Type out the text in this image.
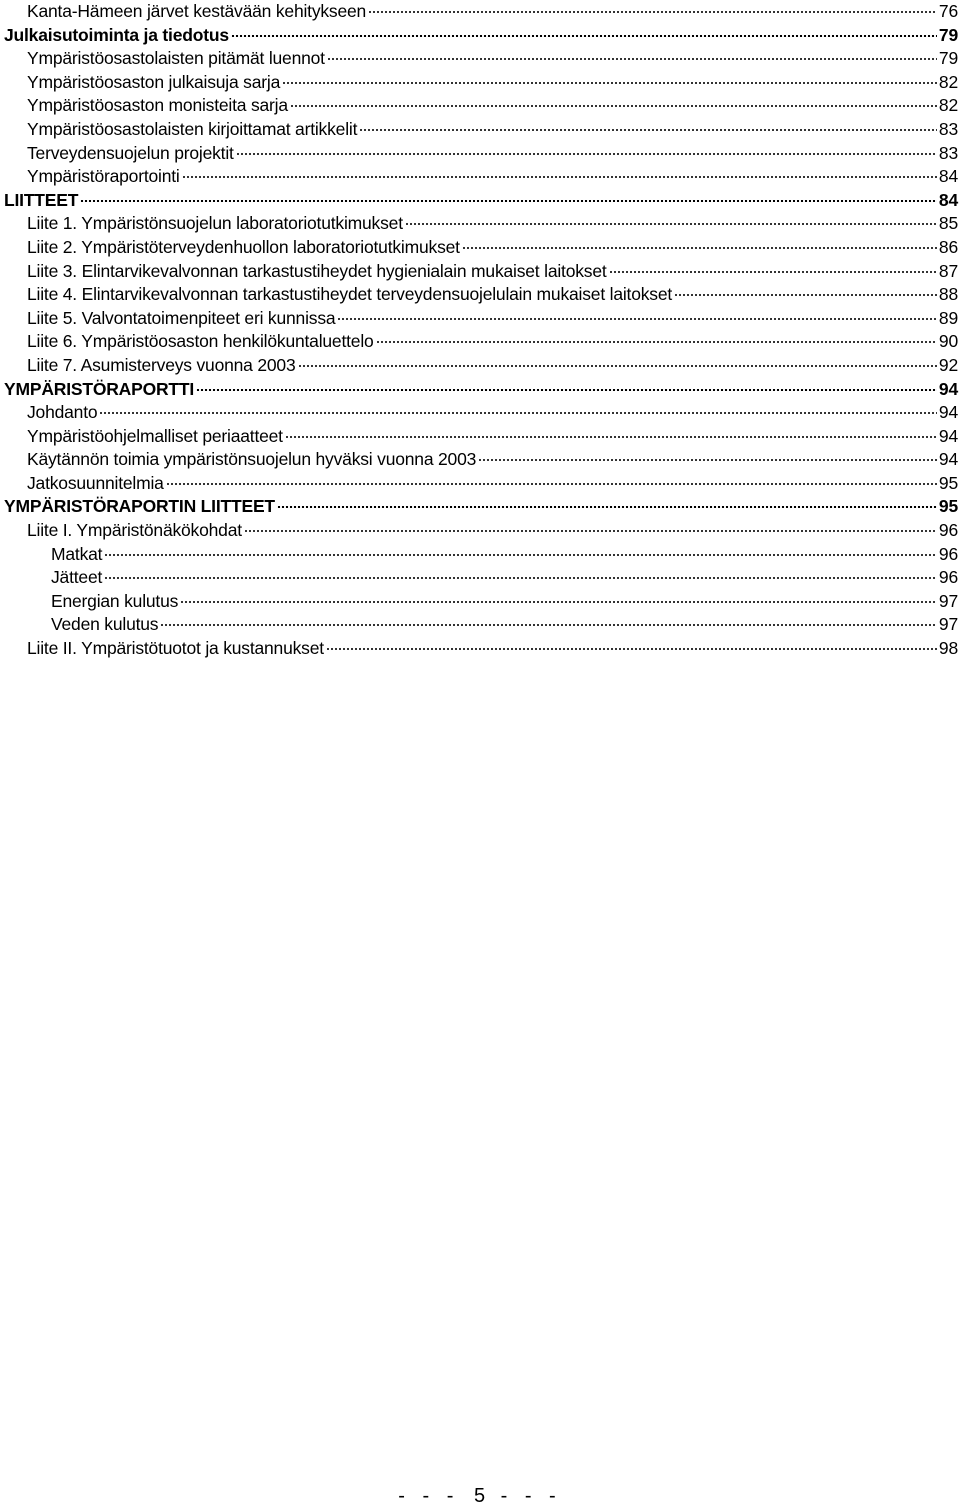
Kanta-Hämeen järvet kestävään kehitykseen	76
Julkaisutoiminta ja tiedotus	79
Ympäristöosastolaisten pitämät luennot	79
Ympäristöosaston julkaisuja sarja	82
Ympäristöosaston monisteita sarja	82
Ympäristöosastolaisten kirjoittamat artikkelit	83
Terveydensuojelun projektit	83
Ympäristöraportointi	84
LIITTEET	84
Liite 1. Ympäristönsuojelun laboratoriotutkimukset	85
Liite 2. Ympäristöterveydenhuollon laboratoriotutkimukset	86
Liite 3. Elintarvikevalvonnan tarkastustiheydet hygienialain mukaiset laitokset	87
Liite 4. Elintarvikevalvonnan tarkastustiheydet terveydensuojelulain mukaiset laitokset	88
Liite 5. Valvontatoimenpiteet eri kunnissa	89
Liite 6. Ympäristöosaston henkilökuntaluettelo	90
Liite 7. Asumisterveys vuonna 2003	92
YMPÄRISTÖRAPORTTI	94
Johdanto	94
Ympäristöohjelmalliset periaatteet	94
Käytännön toimia ympäristönsuojelun hyväksi vuonna 2003	94
Jatkosuunnitelmia	95
YMPÄRISTÖRAPORTIN LIITTEET	95
Liite I. Ympäristönäkökohdat	96
Matkat	96
Jätteet	96
Energian kulutus	97
Veden kulutus	97
Liite II. Ympäristötuotot ja kustannukset	98
- - - 5 - - -
